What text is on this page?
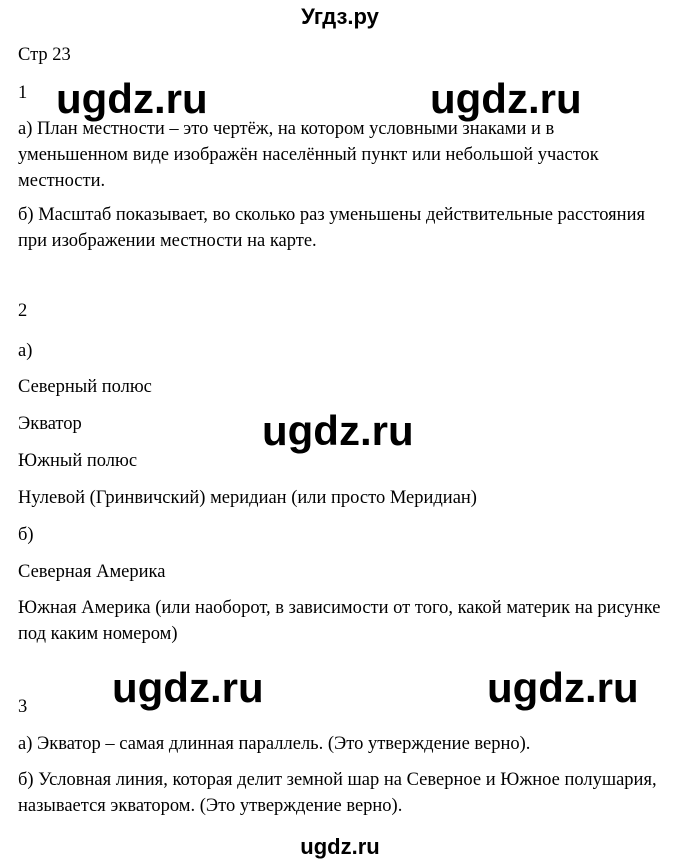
Угдз.ру

Стр 23

1

а) План местности – это чертёж, на котором условными знаками и в уменьшенном виде изображён населённый пункт или небольшой участок местности.

б) Масштаб показывает, во сколько раз уменьшены действительные расстояния при изображении местности на карте.

2

а)

Северный полюс

Экватор

Южный полюс

Нулевой (Гринвичский) меридиан (или просто Меридиан)

б)

Северная Америка

Южная Америка (или наоборот, в зависимости от того, какой материк на рисунке под каким номером)

3

а) Экватор – самая длинная параллель. (Это утверждение верно).

б) Условная линия, которая делит земной шар на Северное и Южное полушария, называется экватором. (Это утверждение верно).

ugdz.ru	ugdz.ru
ugdz.ru
ugdz.ru	ugdz.ru
ugdz.ru
